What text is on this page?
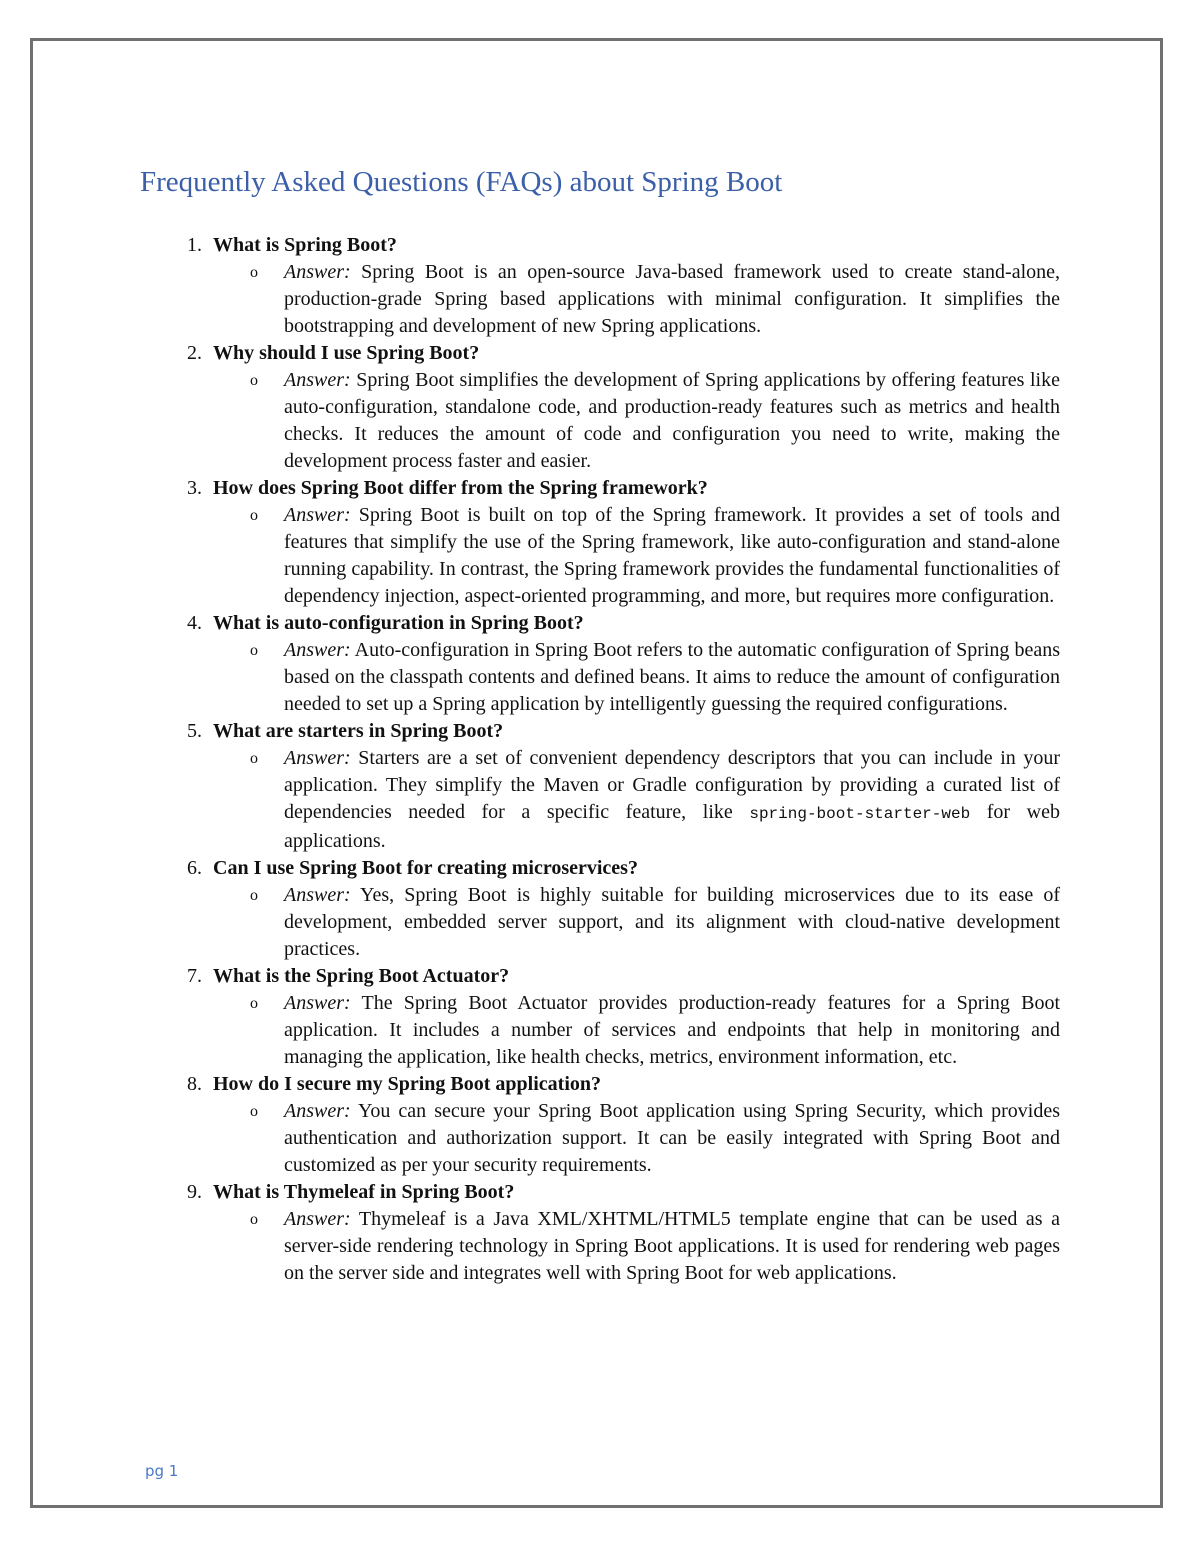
Frequently Asked Questions (FAQs) about Spring Boot
1. What is Spring Boot?
o Answer: Spring Boot is an open-source Java-based framework used to create stand-alone, production-grade Spring based applications with minimal configuration. It simplifies the bootstrapping and development of new Spring applications.
2. Why should I use Spring Boot?
o Answer: Spring Boot simplifies the development of Spring applications by offering features like auto-configuration, standalone code, and production-ready features such as metrics and health checks. It reduces the amount of code and configuration you need to write, making the development process faster and easier.
3. How does Spring Boot differ from the Spring framework?
o Answer: Spring Boot is built on top of the Spring framework. It provides a set of tools and features that simplify the use of the Spring framework, like auto-configuration and stand-alone running capability. In contrast, the Spring framework provides the fundamental functionalities of dependency injection, aspect-oriented programming, and more, but requires more configuration.
4. What is auto-configuration in Spring Boot?
o Answer: Auto-configuration in Spring Boot refers to the automatic configuration of Spring beans based on the classpath contents and defined beans. It aims to reduce the amount of configuration needed to set up a Spring application by intelligently guessing the required configurations.
5. What are starters in Spring Boot?
o Answer: Starters are a set of convenient dependency descriptors that you can include in your application. They simplify the Maven or Gradle configuration by providing a curated list of dependencies needed for a specific feature, like spring-boot-starter-web for web applications.
6. Can I use Spring Boot for creating microservices?
o Answer: Yes, Spring Boot is highly suitable for building microservices due to its ease of development, embedded server support, and its alignment with cloud-native development practices.
7. What is the Spring Boot Actuator?
o Answer: The Spring Boot Actuator provides production-ready features for a Spring Boot application. It includes a number of services and endpoints that help in monitoring and managing the application, like health checks, metrics, environment information, etc.
8. How do I secure my Spring Boot application?
o Answer: You can secure your Spring Boot application using Spring Security, which provides authentication and authorization support. It can be easily integrated with Spring Boot and customized as per your security requirements.
9. What is Thymeleaf in Spring Boot?
o Answer: Thymeleaf is a Java XML/XHTML/HTML5 template engine that can be used as a server-side rendering technology in Spring Boot applications. It is used for rendering web pages on the server side and integrates well with Spring Boot for web applications.
pg 1
